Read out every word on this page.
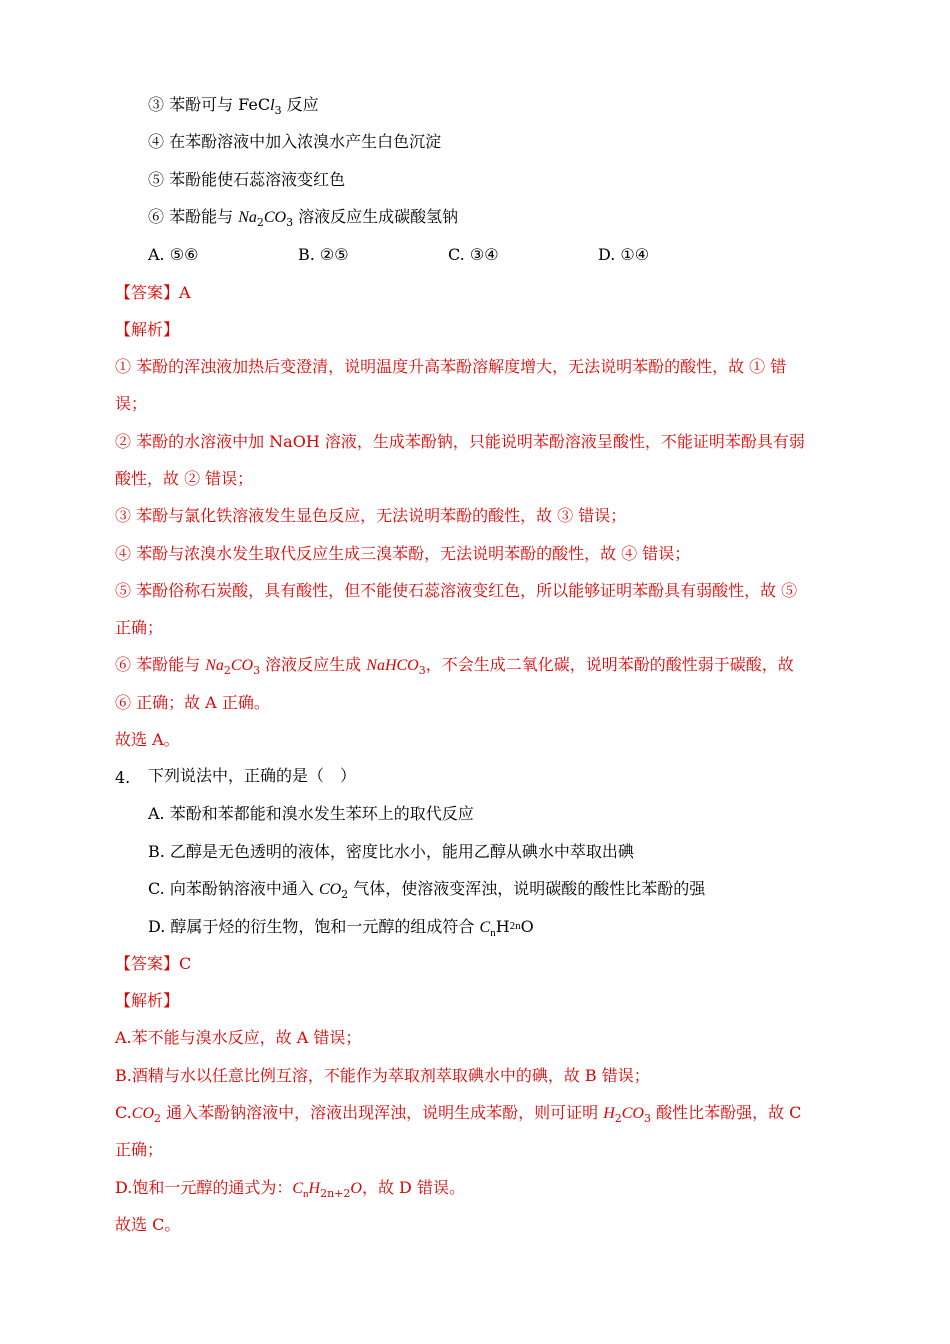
③ 苯酚可与 FeCl$_3$ 反应
④ 在苯酚溶液中加入浓溴水产生白色沉淀
⑤ 苯酚能使石蕊溶液变红色
⑥ 苯酚能与 $Na_2CO_3$ 溶液反应生成碳酸氢钠
A. ⑤⑥	B. ②⑤	C. ③④	D. ①④
【答案】A
【解析】
① 苯酚的浑浊液加热后变澄清，说明温度升高苯酚溶解度增大，无法说明苯酚的酸性，故 ① 错
误；
② 苯酚的水溶液中加 NaOH 溶液，生成苯酚钠，只能说明苯酚溶液呈酸性，不能证明苯酚具有弱
酸性，故 ② 错误；
③ 苯酚与氯化铁溶液发生显色反应，无法说明苯酚的酸性，故 ③ 错误；
④ 苯酚与浓溴水发生取代反应生成三溴苯酚，无法说明苯酚的酸性，故 ④ 错误；
⑤ 苯酚俗称石炭酸，具有酸性，但不能使石蕊溶液变红色，所以能够证明苯酚具有弱酸性，故 ⑤
正确；
⑥ 苯酚能与 $Na_2CO_3$ 溶液反应生成 NaHCO$_3$，不会生成二氧化碳，说明苯酚的酸性弱于碳酸，故
⑥ 正确；故 A 正确。
故选 A。
4. 下列说法中，正确的是（　）
A. 苯酚和苯都能和溴水发生苯环上的取代反应
B. 乙醇是无色透明的液体，密度比水小，能用乙醇从碘水中萃取出碘
C. 向苯酚钠溶液中通入 $CO_2$ 气体，使溶液变浑浊，说明碳酸的酸性比苯酚的强
D. 醇属于烃的衍生物，饱和一元醇的组成符合 $C_nH^{2n}O$
【答案】C
【解析】
A.苯不能与溴水反应，故 A 错误；
B.酒精与水以任意比例互溶，不能作为萃取剂萃取碘水中的碘，故 B 错误；
$C.CO_2$ 通入苯酚钠溶液中，溶液出现浑浊，说明生成苯酚，则可证明 $H_2CO_3$ 酸性比苯酚强，故 C
正确；
D.饱和一元醇的通式为：$C_nH_{2n+2}O$，故 D 错误。
故选 C。
